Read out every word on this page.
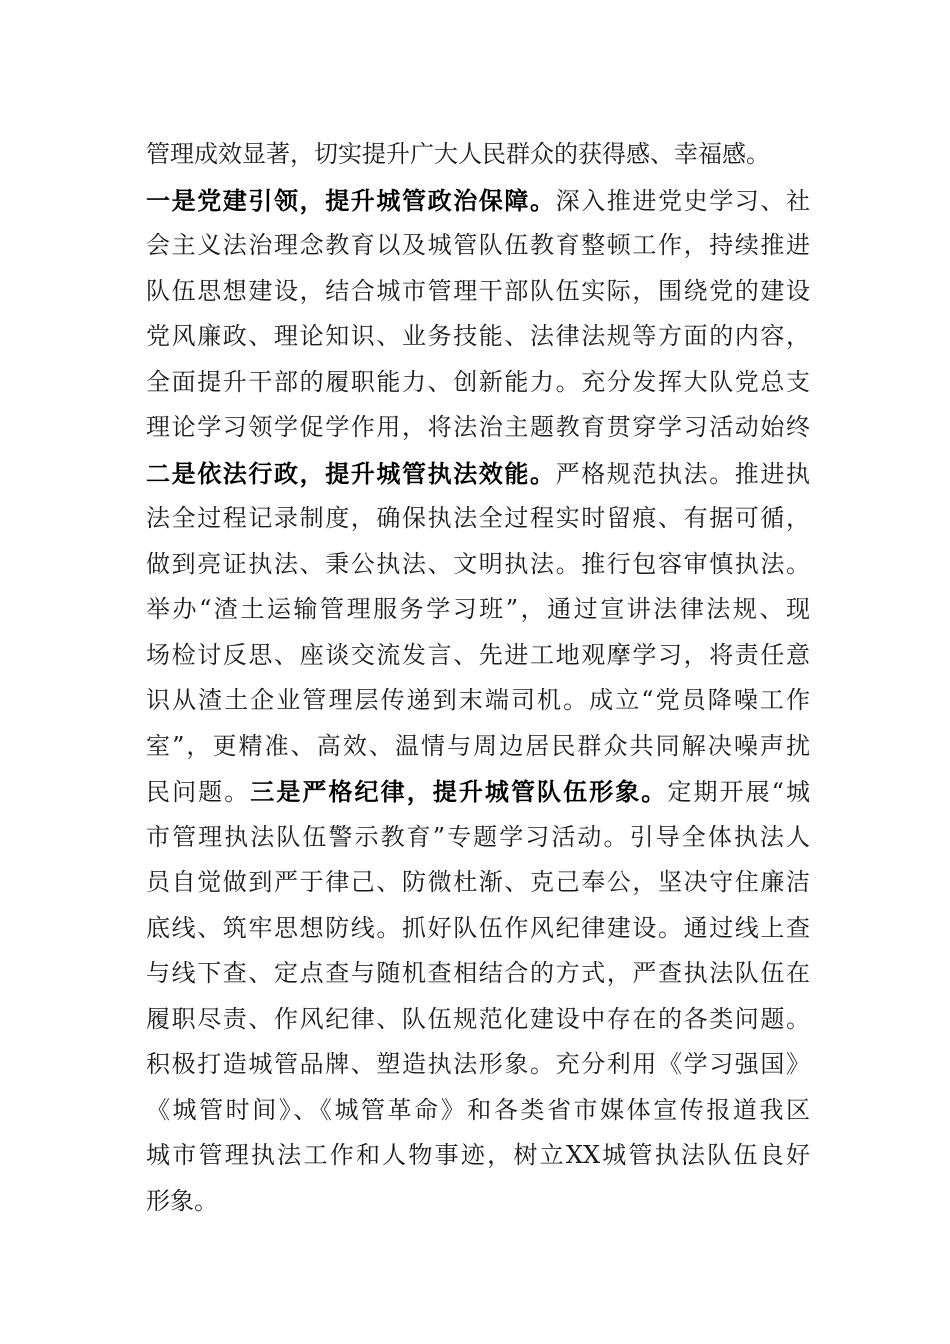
管理成效显著，切实提升广大人民群众的获得感、幸福感。
一是党建引领，提升城管政治保障。深入推进党史学习、社
会主义法治理念教育以及城管队伍教育整顿工作，持续推进
队伍思想建设，结合城市管理干部队伍实际，围绕党的建设
党风廉政、理论知识、业务技能、法律法规等方面的内容，
全面提升干部的履职能力、创新能力。充分发挥大队党总支
理论学习领学促学作用，将法治主题教育贯穿学习活动始终
二是依法行政，提升城管执法效能。严格规范执法。推进执
法全过程记录制度，确保执法全过程实时留痕、有据可循，
做到亮证执法、秉公执法、文明执法。推行包容审慎执法。
举办“渣土运输管理服务学习班”，通过宣讲法律法规、现
场检讨反思、座谈交流发言、先进工地观摩学习，将责任意
识从渣土企业管理层传递到末端司机。成立“党员降噪工作
室”，更精准、高效、温情与周边居民群众共同解决噪声扰
民问题。三是严格纪律，提升城管队伍形象。定期开展“城
市管理执法队伍警示教育”专题学习活动。引导全体执法人
员自觉做到严于律己、防微杜渐、克己奉公，坚决守住廉洁
底线、筑牢思想防线。抓好队伍作风纪律建设。通过线上查
与线下查、定点查与随机查相结合的方式，严查执法队伍在
履职尽责、作风纪律、队伍规范化建设中存在的各类问题。
积极打造城管品牌、塑造执法形象。充分利用《学习强国》
《城管时间》、《城管革命》和各类省市媒体宣传报道我区
城市管理执法工作和人物事迹，树立XX城管执法队伍良好
形象。
